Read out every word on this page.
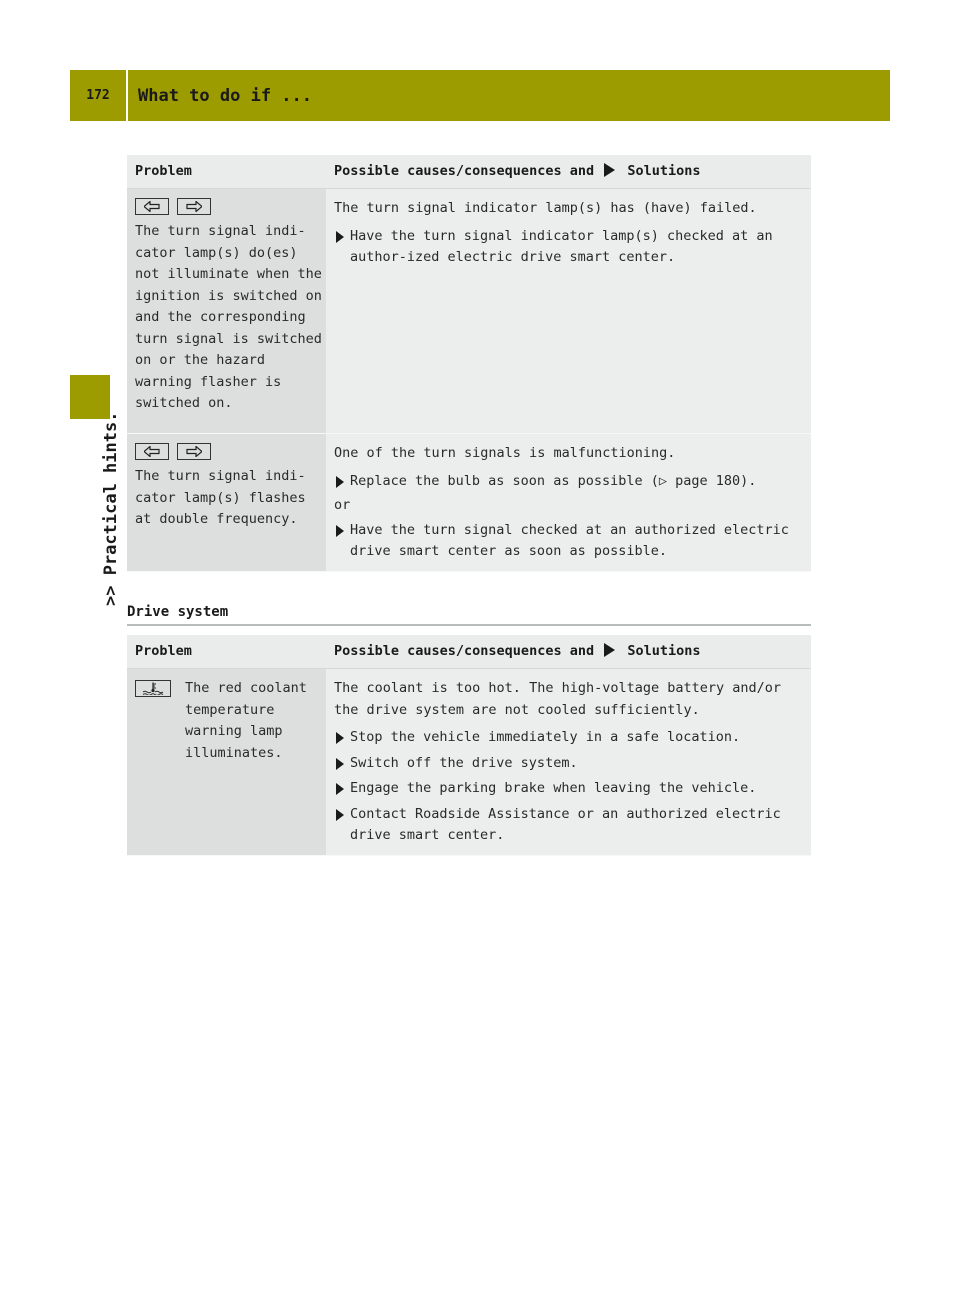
172	What to do if ...
>> Practical hints.
Problem	Possible causes/consequences and Solutions

The turn signal indi-cator lamp(s) do(es) not illuminate when the ignition is switched on and the corresponding turn signal is switched on or the hazard warning flasher is switched on.	The turn signal indicator lamp(s) has (have) failed.
Have the turn signal indicator lamp(s) checked at an author-ized electric drive smart center.

The turn signal indi-cator lamp(s) flashes at double frequency.	One of the turn signals is malfunctioning.
Replace the bulb as soon as possible (▷ page 180).
or
Have the turn signal checked at an authorized electric drive smart center as soon as possible.
Drive system
Problem	Possible causes/consequences and Solutions

The red coolant temperature warning lamp illuminates.	The coolant is too hot. The high-voltage battery and/or the drive system are not cooled sufficiently.
Stop the vehicle immediately in a safe location.
Switch off the drive system.
Engage the parking brake when leaving the vehicle.
Contact Roadside Assistance or an authorized electric drive smart center.
